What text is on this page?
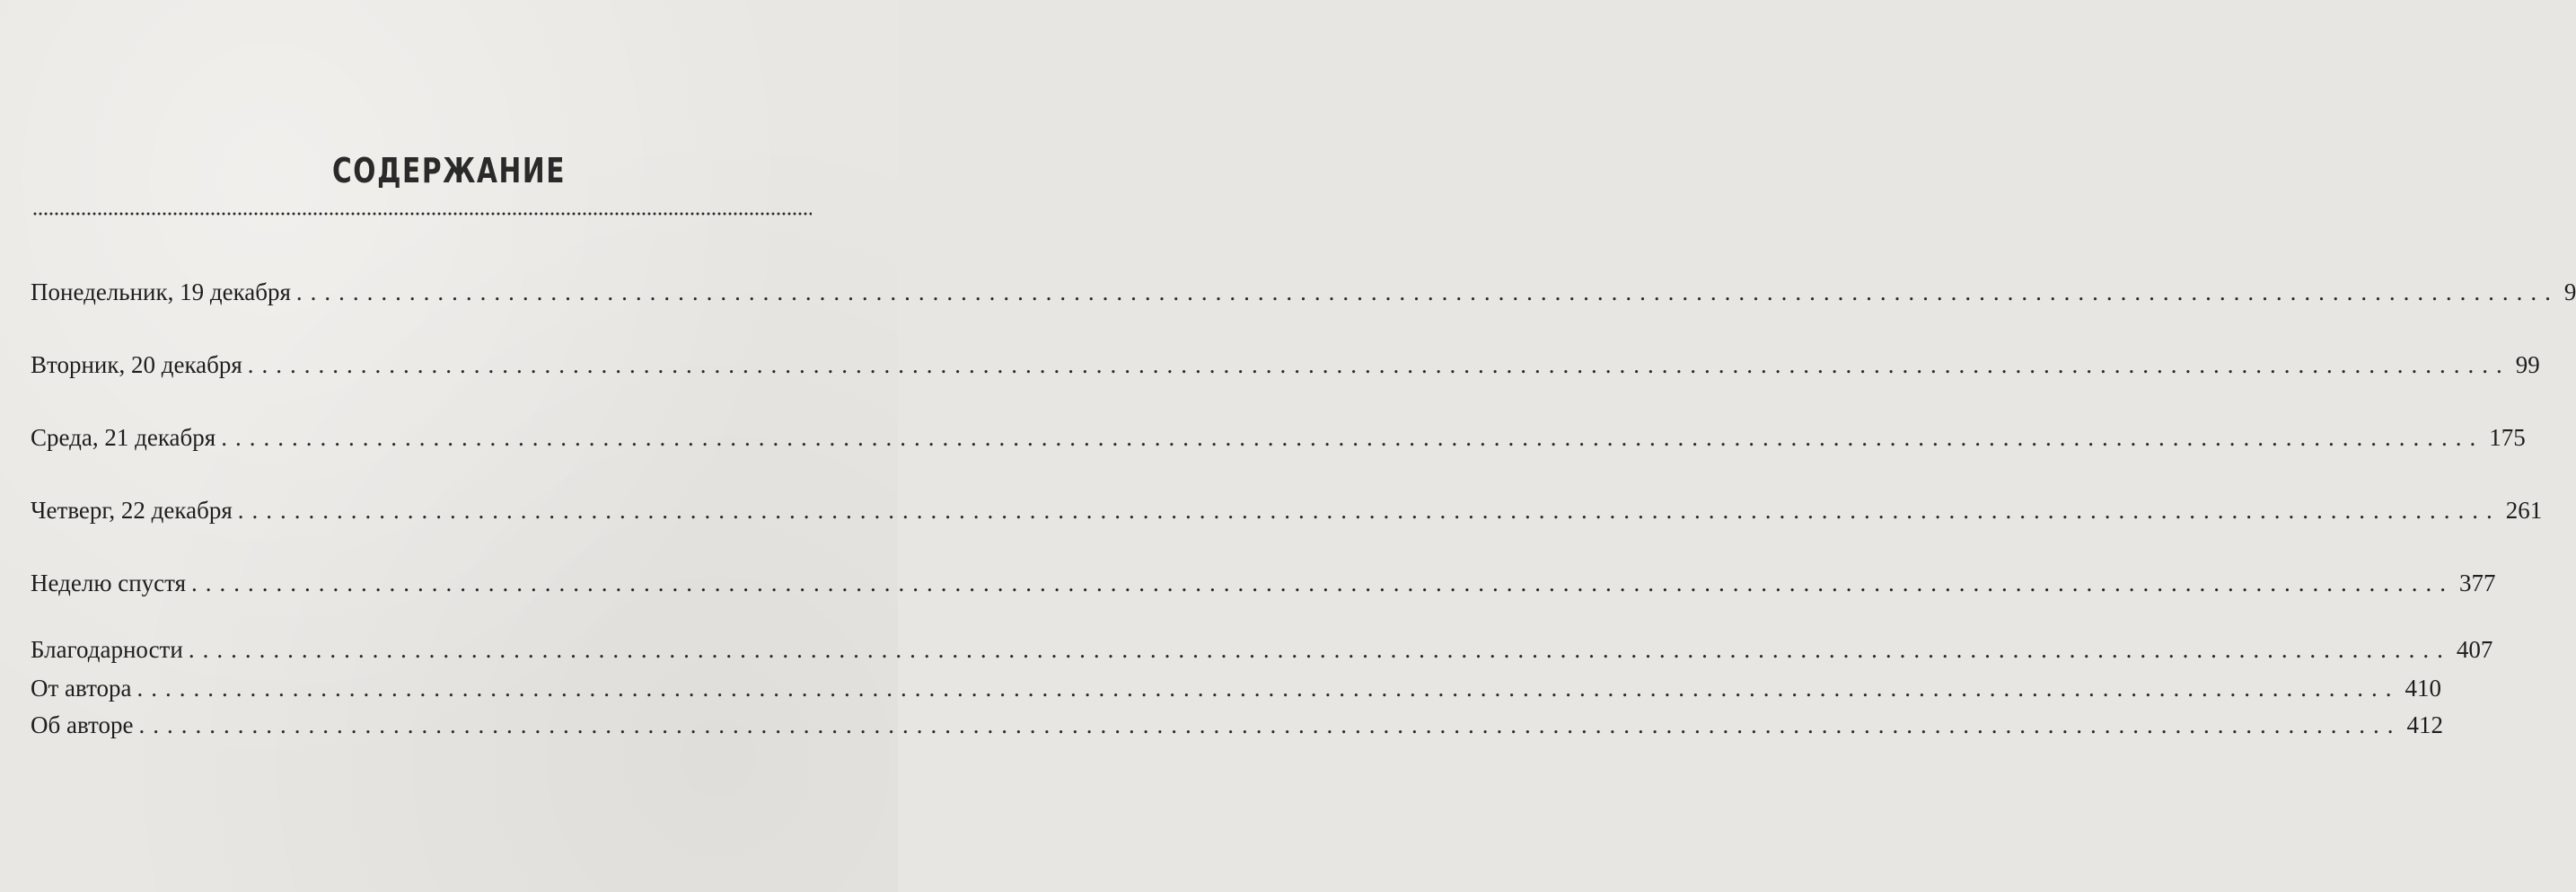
СОДЕРЖАНИЕ
Понедельник, 19 декабря ................................................................................................................................................................ 9
Вторник, 20 декабря ................................................................................................................................................................ 99
Среда, 21 декабря ................................................................................................................................................................ 175
Четверг, 22 декабря ................................................................................................................................................................ 261
Неделю спустя ................................................................................................................................................................ 377
Благодарности ................................................................................................................................................................ 407
От автора ................................................................................................................................................................ 410
Об авторе ................................................................................................................................................................ 412
